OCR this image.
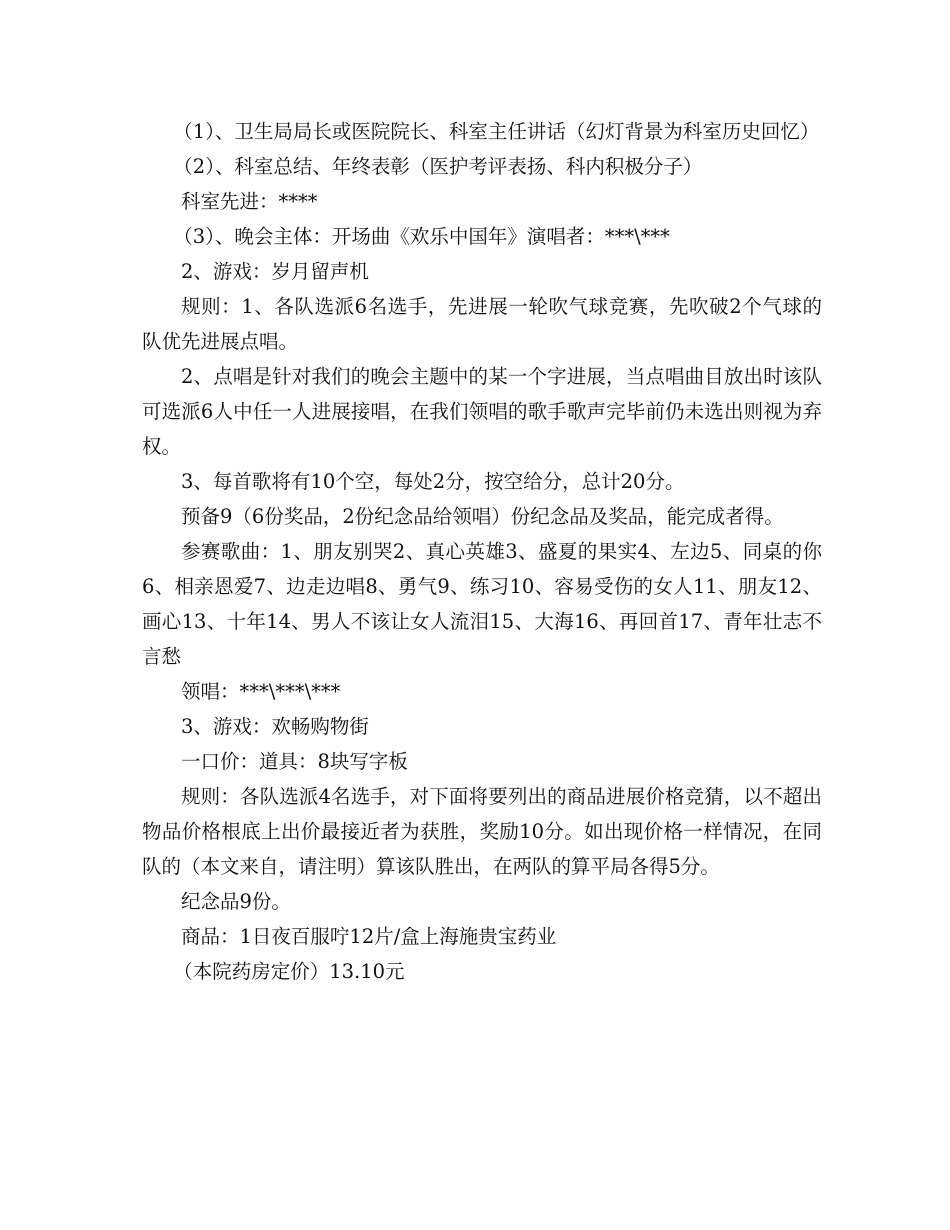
（1）、卫生局局长或医院院长、科室主任讲话（幻灯背景为科室历史回忆）

（2）、科室总结、年终表彰（医护考评表扬、科内积极分子）

科室先进：****

（3）、晚会主体：开场曲《欢乐中国年》演唱者：***\***

2、游戏：岁月留声机

规则：1、各队选派6名选手，先进展一轮吹气球竞赛，先吹破2个气球的队优先进展点唱。

2、点唱是针对我们的晚会主题中的某一个字进展，当点唱曲目放出时该队可选派6人中任一人进展接唱，在我们领唱的歌手歌声完毕前仍未选出则视为弃权。

3、每首歌将有10个空，每处2分，按空给分，总计20分。

预备9（6份奖品，2份纪念品给领唱）份纪念品及奖品，能完成者得。

参赛歌曲：1、朋友别哭2、真心英雄3、盛夏的果实4、左边5、同桌的你6、相亲恩爱7、边走边唱8、勇气9、练习10、容易受伤的女人11、朋友12、画心13、十年14、男人不该让女人流泪15、大海16、再回首17、青年壮志不言愁

领唱：***\***\***

3、游戏：欢畅购物街

一口价：道具：8块写字板

规则：各队选派4名选手，对下面将要列出的商品进展价格竞猜，以不超出物品价格根底上出价最接近者为获胜，奖励10分。如出现价格一样情况，在同队的（本文来自，请注明）算该队胜出，在两队的算平局各得5分。

纪念品9份。

商品：1日夜百服咛12片/盒上海施贵宝药业

（本院药房定价）13.10元
